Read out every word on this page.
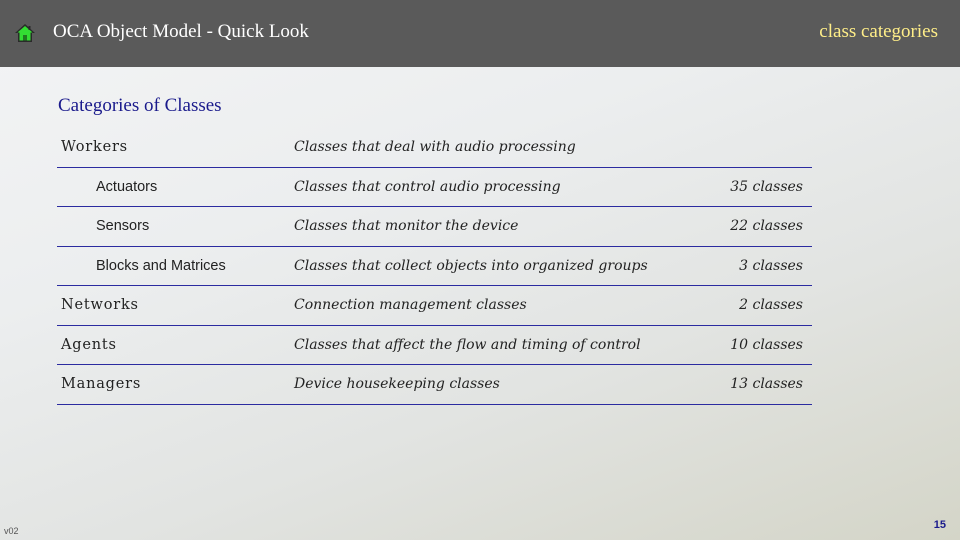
OCA Object Model - Quick Look	class categories
Categories of Classes
Workers	Classes that deal with audio processing
Actuators	Classes that control audio processing	35 classes
Sensors	Classes that monitor the device	22 classes
Blocks and Matrices	Classes that collect objects into organized groups	3 classes
Networks	Connection management classes	2 classes
Agents	Classes that affect the flow and timing of control	10 classes
Managers	Device housekeeping classes	13 classes
v02	15
